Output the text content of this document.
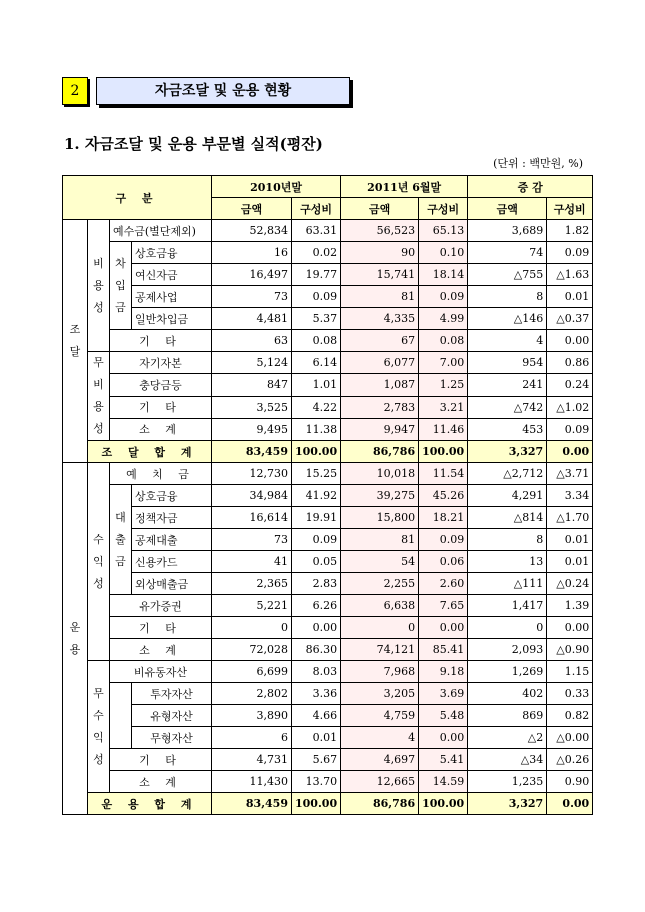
2	자금조달 및 운용 현황
1. 자금조달 및 운용 부문별 실적(평잔)
(단위 : 백만원, %)
구 분				2010년말		2011년 6월말		증 감	
				금액	구성비	금액	구성비	금액	구성비
조 달	비 용 성	예수금(별단제외)		52,834	63.31	56,523	65.13	3,689	1.82
		차 입 금	상호금융	16	0.02	90	0.10	74	0.09
			여신자금	16,497	19.77	15,741	18.14	△755	△1.63
			공제사업	73	0.09	81	0.09	8	0.01
			일반차입금	4,481	5.37	4,335	4.99	△146	△0.37
		기 타		63	0.08	67	0.08	4	0.00
	무 비 용 성	자기자본		5,124	6.14	6,077	7.00	954	0.86
		충당금등		847	1.01	1,087	1.25	241	0.24
		기 타		3,525	4.22	2,783	3.21	△742	△1.02
		소 계		9,495	11.38	9,947	11.46	453	0.09
	조 달 합 계			83,459	100.00	86,786	100.00	3,327	0.00
운 용	수 익 성	예 치 금		12,730	15.25	10,018	11.54	△2,712	△3.71
		대 출 금	상호금융	34,984	41.92	39,275	45.26	4,291	3.34
			정책자금	16,614	19.91	15,800	18.21	△814	△1.70
			공제대출	73	0.09	81	0.09	8	0.01
			신용카드	41	0.05	54	0.06	13	0.01
			외상매출금	2,365	2.83	2,255	2.60	△111	△0.24
		유가증권		5,221	6.26	6,638	7.65	1,417	1.39
		기 타		0	0.00	0	0.00	0	0.00
		소 계		72,028	86.30	74,121	85.41	2,093	△0.90
	무 수 익 성	비유동자산		6,699	8.03	7,968	9.18	1,269	1.15
			투자자산	2,802	3.36	3,205	3.69	402	0.33
			유형자산	3,890	4.66	4,759	5.48	869	0.82
			무형자산	6	0.01	4	0.00	△2	△0.00
		기 타		4,731	5.67	4,697	5.41	△34	△0.26
		소 계		11,430	13.70	12,665	14.59	1,235	0.90
	운 용 합 계			83,459	100.00	86,786	100.00	3,327	0.00
